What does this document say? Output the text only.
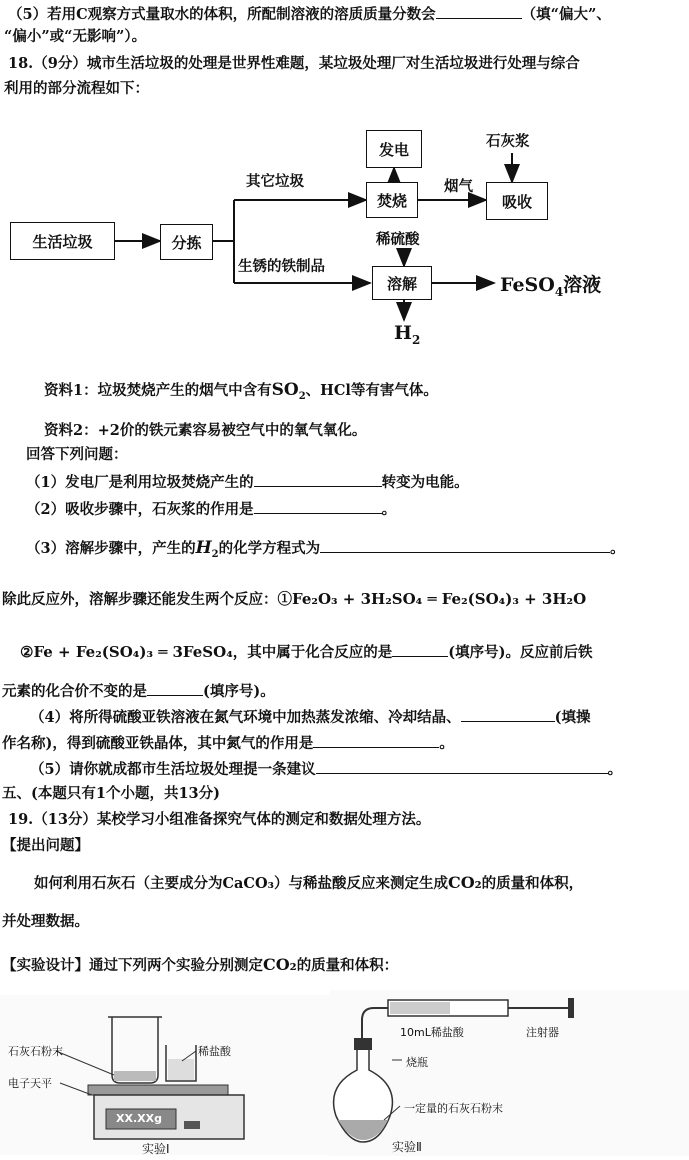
（5）若用C观察方式量取水的体积，所配制溶液的溶质质量分数会	（填“偏大”、
“偏小”或“无影响”）。
18.（9分）城市生活垃圾的处理是世界性难题，某垃圾处理厂对生活垃圾进行处理与综合
利用的部分流程如下：
发电
焚烧	吸收
生活垃圾	分拣
溶解
石灰浆
其它垃圾	烟气
稀硫酸
生锈的铁制品
FeSO$_4$溶液
$H_2$
资料1：垃圾焚烧产生的烟气中含有$SO_2$、HCl等有害气体。
资料2：+2价的铁元素容易被空气中的氧气氧化。
回答下列问题：
（1）发电厂是利用垃圾焚烧产生的	转变为电能。
（2）吸收步骤中，石灰浆的作用是	。
（3）溶解步骤中，产生的$H_2$的化学方程式为	。
除此反应外，溶解步骤还能发生两个反应：①Fe₂O₃ + 3H₂SO₄ ═ Fe₂(SO₄)₃ + 3H₂O
②Fe + Fe₂(SO₄)₃ ═ 3FeSO₄，其中属于化合反应的是	(填序号)。反应前后铁
元素的化合价不变的是	(填序号)。
（4）将所得硫酸亚铁溶液在氮气环境中加热蒸发浓缩、冷却结晶、	(填操
作名称)，得到硫酸亚铁晶体，其中氮气的作用是	。
（5）请你就成都市生活垃圾处理提一条建议	。
五、(本题只有1个小题，共13分)
19.（13分）某校学习小组准备探究气体的测定和数据处理方法。
【提出问题】
如何利用石灰石（主要成分为CaCO₃）与稀盐酸反应来测定生成CO₂的质量和体积，
并处理数据。
【实验设计】通过下列两个实验分别测定CO₂的质量和体积：
石灰石粉末	稀盐酸
电子天平
XX.XXg
实验Ⅰ
10mL稀盐酸	注射器
烧瓶
一定量的石灰石粉末
实验Ⅱ
